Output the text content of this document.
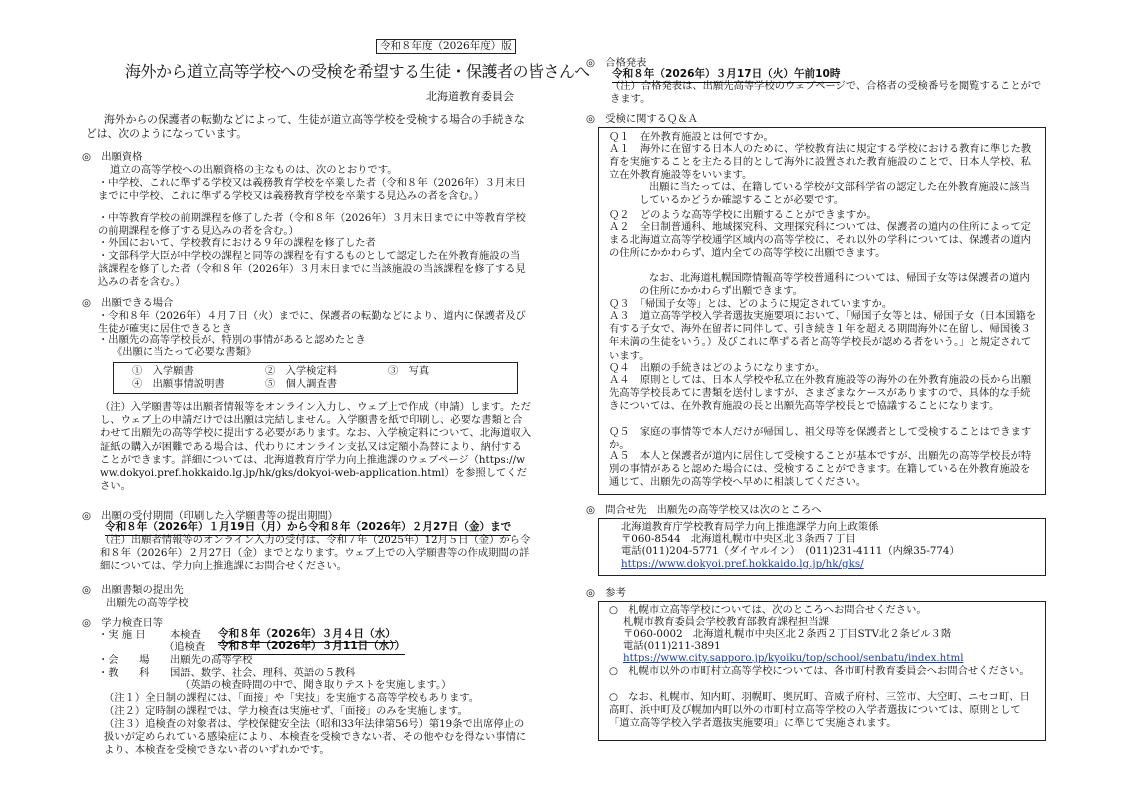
令和８年度（2026年度）版
海外から道立高等学校への受検を希望する生徒・保護者の皆さんへ
北海道教育委員会
海外からの保護者の転勤などによって、生徒が道立高等学校を受検する場合の手続きなどは、次のようになっています。
◎　出願資格
道立の高等学校への出願資格の主なものは、次のとおりです。
・中学校、これに準ずる学校又は義務教育学校を卒業した者（令和８年（2026年）３月末日までに中学校、これに準ずる学校又は義務教育学校を卒業する見込みの者を含む。）
・中等教育学校の前期課程を修了した者（令和８年（2026年）３月末日までに中等教育学校の前期課程を修了する見込みの者を含む。）
・外国において、学校教育における９年の課程を修了した者
・文部科学大臣が中学校の課程と同等の課程を有するものとして認定した在外教育施設の当該課程を修了した者（令和８年（2026年）３月末日までに当該施設の当該課程を修了する見込みの者を含む。）
◎　出願できる場合
・令和８年（2026年）４月７日（火）までに、保護者の転勤などにより、道内に保護者及び生徒が確実に居住できるとき
・出願先の高等学校長が、特別の事情があると認めたとき
《出願に当たって必要な書類》
①　入学願書	②　入学検定料	③　写真
④　出願事情説明書	⑤　個人調査書
（注）入学願書等は出願者情報等をオンライン入力し、ウェブ上で作成（申請）します。ただし、ウェブ上の申請だけでは出願は完結しません。入学願書を紙で印刷し、必要な書類と合わせて出願先の高等学校に提出する必要があります。なお、入学検定料について、北海道収入証紙の購入が困難である場合は、代わりにオンライン支払又は定額小為替により、納付することができます。詳細については、北海道教育庁学力向上推進課のウェブページ（https://www.dokyoi.pref.hokkaido.lg.jp/hk/gks/dokyoi-web-application.html）を参照してください。
◎　出願の受付期間（印刷した入学願書等の提出期間）
令和８年（2026年）１月19日（月）から令和８年（2026年）２月27日（金）まで
（注）出願者情報等のオンライン入力の受付は、令和７年（2025年）12月５日（金）から令和８年（2026年）２月27日（金）までとなります。ウェブ上での入学願書等の作成期間の詳細については、学力向上推進課にお問合せください。
◎　出願書類の提出先
出願先の高等学校
◎　学力検査日等
・実 施 日 本検査 令和８年（2026年）３月４日（水）
（追検査 令和８年（2026年）３月11日（水））
・会　　場 出願先の高等学校
・教　　科 国語、数学、社会、理科、英語の５教科
（英語の検査時間の中で、聞き取りテストを実施します。）
（注１）全日制の課程には、「面接」や「実技」を実施する高等学校もあります。
（注２）定時制の課程では、学力検査は実施せず、「面接」のみを実施します。
（注３）追検査の対象者は、学校保健安全法（昭和33年法律第56号）第19条で出席停止の扱いが定められている感染症により、本検査を受検できない者、その他やむを得ない事情により、本検査を受検できない者のいずれかです。
◎　合格発表
令和８年（2026年）３月17日（火）午前10時
（注）合格発表は、出願先高等学校のウェブページで、合格者の受検番号を閲覧することができます。
◎　受検に関するＱ＆Ａ

Ｑ１　在外教育施設とは何ですか。

Ａ１　海外に在留する日本人のために、学校教育法に規定する学校における教育に準じた教育を実施することを主たる目的として海外に設置された教育施設のことで、日本人学校、私立在外教育施設等をいいます。

出願に当たっては、在籍している学校が文部科学省の認定した在外教育施設に該当しているかどうか確認することが必要です。

Ｑ２　どのような高等学校に出願することができますか。

Ａ２　全日制普通科、地域探究科、文理探究科については、保護者の道内の住所によって定まる北海道立高等学校通学区域内の高等学校に、それ以外の学科については、保護者の道内の住所にかかわらず、道内全ての高等学校に出願できます。

なお、北海道札幌国際情報高等学校普通科については、帰国子女等は保護者の道内の住所にかかわらず出願できます。

Ｑ３　「帰国子女等」とは、どのように規定されていますか。

Ａ３　道立高等学校入学者選抜実施要項において、「帰国子女等とは、帰国子女（日本国籍を有する子女で、海外在留者に同伴して、引き続き１年を超える期間海外に在留し、帰国後３年未満の生徒をいう。）及びこれに準ずる者と高等学校長が認める者をいう。」と規定されています。

Ｑ４　出願の手続きはどのようになりますか。

Ａ４　原則としては、日本人学校や私立在外教育施設等の海外の在外教育施設の長から出願先高等学校長あてに書類を送付しますが、さまざまなケースがありますので、具体的な手続きについては、在外教育施設の長と出願先高等学校長とで協議することになります。

Ｑ５　家庭の事情等で本人だけが帰国し、祖父母等を保護者として受検することはできますか。

Ａ５　本人と保護者が道内に居住して受検することが基本ですが、出願先の高等学校長が特別の事情があると認めた場合には、受検することができます。在籍している在外教育施設を通じて、出願先の高等学校へ早めに相談してください。

◎　問合せ先　出願先の高等学校又は次のところへ
北海道教育庁学校教育局学力向上推進課学力向上政策係
〒060-8544　北海道札幌市中央区北３条西７丁目
電話(011)204-5771（ダイヤルイン）　(011)231-4111（内線35-774）
https://www.dokyoi.pref.hokkaido.lg.jp/hk/gks/
◎　参考
○　札幌市立高等学校については、次のところへお問合せください。
札幌市教育委員会学校教育部教育課程担当課
〒060-0002　北海道札幌市中央区北２条西２丁目STV北２条ビル３階
電話(011)211-3891
https://www.city.sapporo.jp/kyoiku/top/school/senbatu/index.html
○　札幌市以外の市町村立高等学校については、各市町村教育委員会へお問合せください。
○　なお、札幌市、知内町、羽幌町、奥尻町、音威子府村、三笠市、大空町、ニセコ町、日高町、浜中町及び幌加内町以外の市町村立高等学校の入学者選抜については、原則として「道立高等学校入学者選抜実施要項」に準じて実施されます。
